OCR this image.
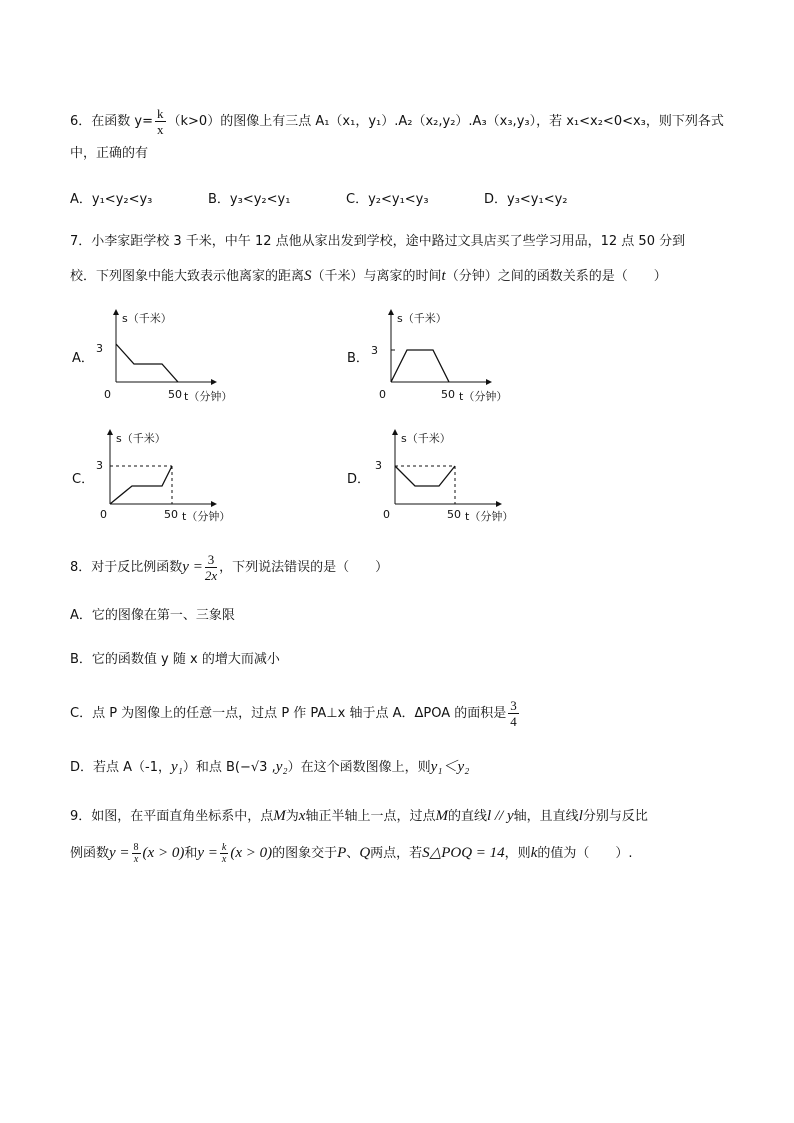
6．在函数 $y= \frac{k}{x} (k>0)$的图像上有三点 A₁（x₁，y₁）.A₂（x₂,y₂）.A₃（x₃,y₃），若 x₁<x₂<0<x₃，则下列各式
中，正确的有
A．y₁<y₂<y₃	B．y₃<y₂<y₁	C．y₂<y₁<y₃	D．y₃<y₁<y₂
7．小李家距学校 3 千米，中午 12 点他从家出发到学校，途中路过文具店买了些学习用品，12 点 50 分到
校．下列图象中能大致表示他离家的距离S（千米）与离家的时间t（分钟）之间的函数关系的是（　　）
A．
s（千米）
3
0	50 t（分钟）
B．
s（千米）
3
0	50 t（分钟）
C．
s（千米）
3
0	50 t（分钟）
D．
s（千米）
3
0	50 t（分钟）
8．对于反比例函数$y = \frac{3}{2x}$ ，下列说法错误的是（　　）
A．它的图像在第一、三象限
B．它的函数值 y 随 x 的增大而减小
C．点 P 为图像上的任意一点，过点 P 作 PA⊥x 轴于点 A．ΔPOA 的面积是 $\frac{3}{4}$
D．若点 A（-1，y₁）和点 B(−√3 ,y₂）在这个函数图像上，则y₁＜y₂
9．如图，在平面直角坐标系中，点M为x轴正半轴上一点，过点M的直线l // y轴，且直线l分别与反比
例函数$y = \frac{8}{x} (x > 0)$和$y = \frac{k}{x} (x > 0)$的图象交于P、Q两点，若S△POQ = 14，则k的值为（　　）.
